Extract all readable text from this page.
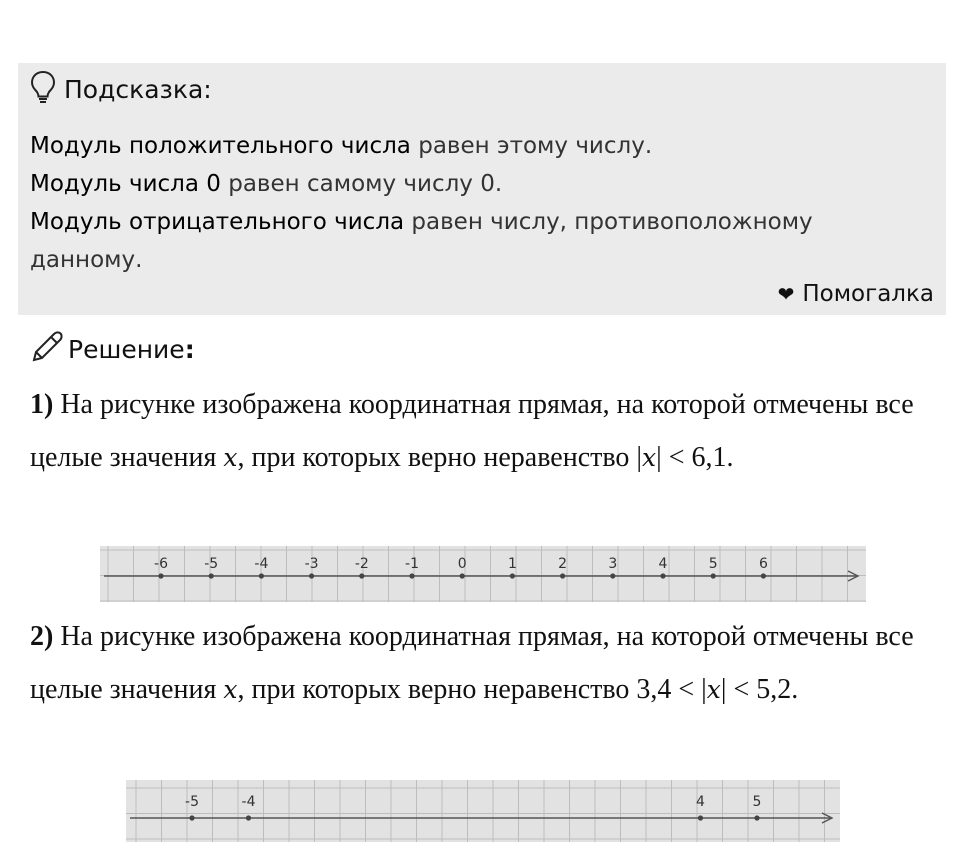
Подсказка:
Модуль положительного числа равен этому числу.
Модуль числа 0 равен самому числу 0.
Модуль отрицательного числа равен числу, противоположному данному.
❤ Помогалка
Решение:
1) На рисунке изображена координатная прямая, на которой отмечены все целые значения x, при которых верно неравенство |x| < 6,1.
-6	-5	-4	-3	-2	-1	0	1	2	3	4	5	6
2) На рисунке изображена координатная прямая, на которой отмечены все целые значения x, при которых верно неравенство 3,4 < |x| < 5,2.
-5	-4	4	5
